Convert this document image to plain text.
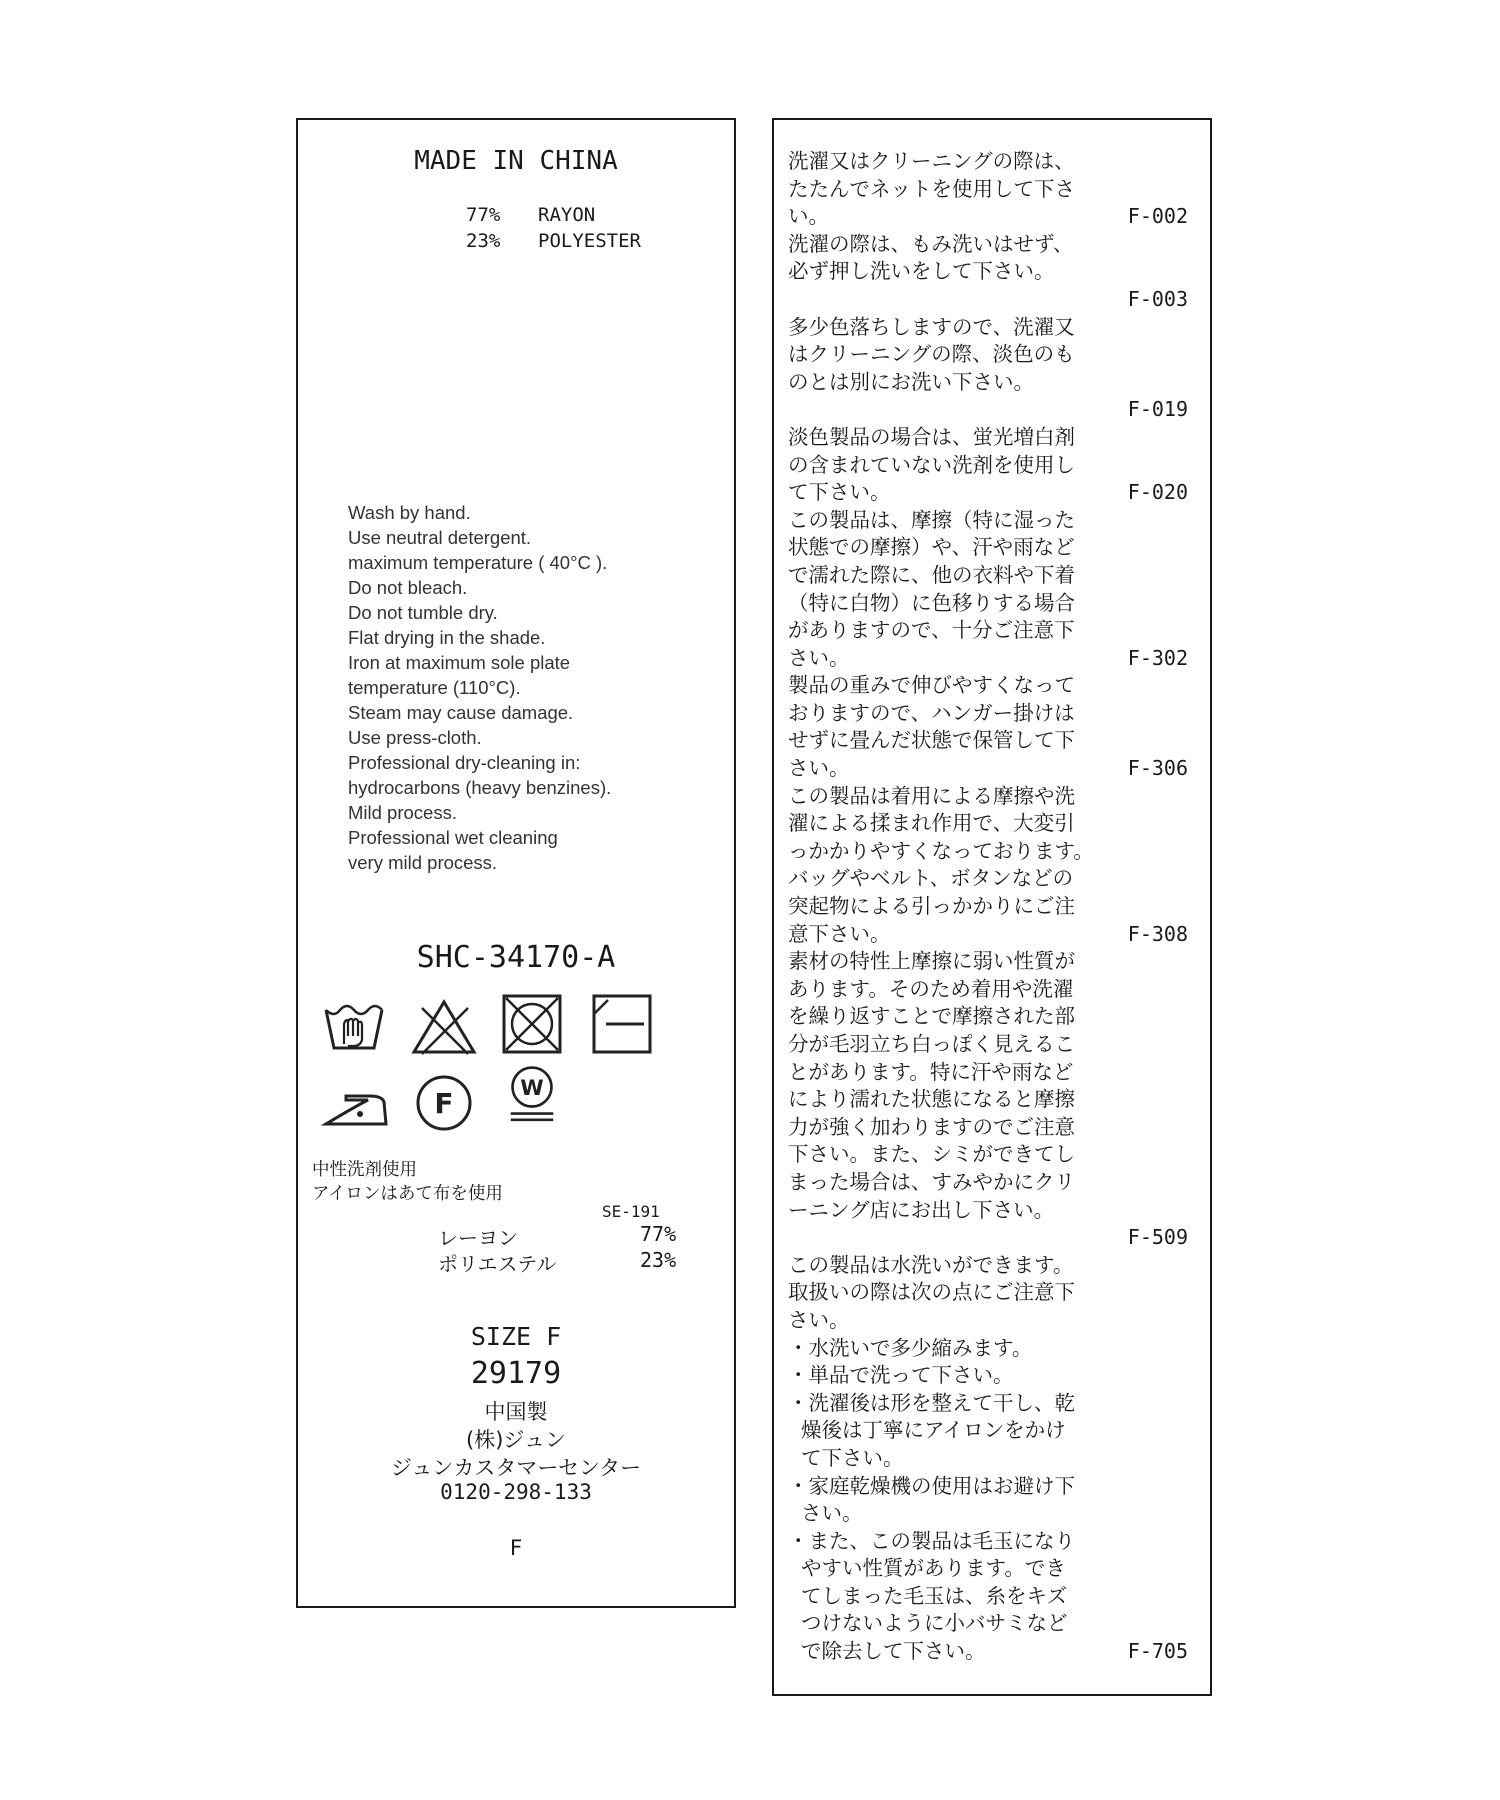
MADE IN CHINA
77% RAYON
23% POLYESTER
Wash by hand.
Use neutral detergent.
maximum temperature ( 40°C ).
Do not bleach.
Do not tumble dry.
Flat drying in the shade.
Iron at maximum sole plate
temperature (110°C).
Steam may cause damage.
Use press-cloth.
Professional dry-cleaning in:
hydrocarbons (heavy benzines).
Mild process.
Professional wet cleaning
very mild process.
SHC-34170-A
F	W
中性洗剤使用
アイロンはあて布を使用
SE-191
レーヨン	77%
ポリエステル	23%
SIZE F
29179
中国製
(株)ジュン
ジュンカスタマーセンター
0120-298-133
F
洗濯又はクリーニングの際は、
たたんでネットを使用して下さ
い。	F-002
洗濯の際は、もみ洗いはせず、
必ず押し洗いをして下さい。
F-003
多少色落ちしますので、洗濯又
はクリーニングの際、淡色のも
のとは別にお洗い下さい。
F-019
淡色製品の場合は、蛍光増白剤
の含まれていない洗剤を使用し
て下さい。	F-020
この製品は、摩擦（特に湿った
状態での摩擦）や、汗や雨など
で濡れた際に、他の衣料や下着
（特に白物）に色移りする場合
がありますので、十分ご注意下
さい。	F-302
製品の重みで伸びやすくなって
おりますので、ハンガー掛けは
せずに畳んだ状態で保管して下
さい。	F-306
この製品は着用による摩擦や洗
濯による揉まれ作用で、大変引
っかかりやすくなっております。
バッグやベルト、ボタンなどの
突起物による引っかかりにご注
意下さい。	F-308
素材の特性上摩擦に弱い性質が
あります。そのため着用や洗濯
を繰り返すことで摩擦された部
分が毛羽立ち白っぽく見えるこ
とがあります。特に汗や雨など
により濡れた状態になると摩擦
力が強く加わりますのでご注意
下さい。また、シミができてし
まった場合は、すみやかにクリ
ーニング店にお出し下さい。
F-509
この製品は水洗いができます。
取扱いの際は次の点にご注意下
さい。
・水洗いで多少縮みます。
・単品で洗って下さい。
・洗濯後は形を整えて干し、乾
燥後は丁寧にアイロンをかけ
て下さい。
・家庭乾燥機の使用はお避け下
さい。
・また、この製品は毛玉になり
やすい性質があります。でき
てしまった毛玉は、糸をキズ
つけないように小バサミなど
で除去して下さい。	F-705
